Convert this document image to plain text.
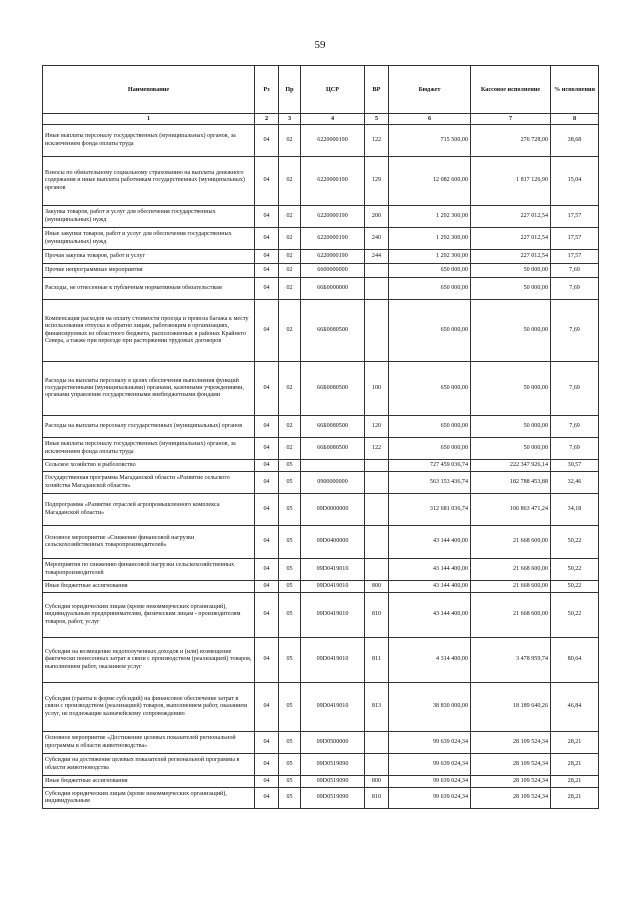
59
Наименование	Рз	Пр	ЦСР	ВР	Бюджет	Кассовое исполнение	% исполнения
1	2	3	4	5	6	7	8
Иные выплаты персоналу государственных (муниципальных) органов, за исключением фонда оплаты труда	04	02	6220000190	122	715 500,00	276 728,00	38,68
Взносы по обязательному социальному страхованию на выплаты денежного содержания и иные выплаты работникам государственных (муниципальных) органов	04	02	6220000190	129	12 082 600,00	1 817 126,90	15,04
Закупка товаров, работ и услуг для обеспечения государственных (муниципальных) нужд	04	02	6220000190	200	1 292 300,00	227 012,54	17,57
Иные закупки товаров, работ и услуг для обеспечения государственных (муниципальных) нужд	04	02	6220000190	240	1 292 300,00	227 012,54	17,57
Прочая закупка товаров, работ и услуг	04	02	6220000190	244	1 292 300,00	227 012,54	17,57
Прочие непрограммные мероприятия	04	02	6600000000		650 000,00	50 000,00	7,69
Расходы, не отнесенные к публичным нормативным обязательствам	04	02	66Б0000000		650 000,00	50 000,00	7,69
Компенсация расходов на оплату стоимости проезда и провоза багажа к месту использования отпуска и обратно лицам, работающим в организациях, финансируемых из областного бюджета, расположенных в районах Крайнего Севера, а также при переезде при расторжении трудовых договоров	04	02	66Б0080500		650 000,00	50 000,00	7,69
Расходы на выплаты персоналу в целях обеспечения выполнения функций государственными (муниципальными) органами, казенными учреждениями, органами управления государственными внебюджетными фондами	04	02	66Б0080500	100	650 000,00	50 000,00	7,69
Расходы на выплаты персоналу государственных (муниципальных) органов	04	02	66Б0080500	120	650 000,00	50 000,00	7,69
Иные выплаты персоналу государственных (муниципальных) органов, за исключением фонда оплаты труда	04	02	66Б0080500	122	650 000,00	50 000,00	7,69
Сельское хозяйство и рыболовство	04	05			727 459 036,74	222 347 926,14	30,57
Государственная программа Магаданской области «Развитие сельского хозяйства Магаданской области»	04	05	0900000000		563 153 436,74	182 788 453,88	32,46
Подпрограмма «Развитие отраслей агропромышленного комплекса Магаданской области»	04	05	09D0000000		312 681 036,74	106 863 471,24	34,18
Основное мероприятие «Снижение финансовой нагрузки сельскохозяйственных товаропроизводителей»	04	05	09D0400000		43 144 400,00	21 668 600,00	50,22
Мероприятия по снижению финансовой нагрузки сельскохозяйственных товаропроизводителей	04	05	09D0419010		43 144 400,00	21 668 600,00	50,22
Иные бюджетные ассигнования	04	05	09D0419010	800	43 144 400,00	21 668 600,00	50,22
Субсидии юридическим лицам (кроме некоммерческих организаций), индивидуальным предпринимателям, физическим лицам - производителям товаров, работ, услуг	04	05	09D0419010	810	43 144 400,00	21 668 600,00	50,22
Субсидии на возмещение недополученных доходов и (или) возмещение фактически понесенных затрат в связи с производством (реализацией) товаров, выполнением работ, оказанием услуг	04	05	09D0419010	811	4 314 400,00	3 478 959,74	80,64
Субсидии (гранты в форме субсидий) на финансовое обеспечение затрат в связи с производством (реализацией) товаров, выполнением работ, оказанием услуг, не подлежащие казначейскому сопровождению	04	05	09D0419010	813	38 830 000,00	18 189 640,26	46,84
Основное мероприятие «Достижение целевых показателей региональной программы в области животноводства»	04	05	09D0500000		99 639 024,34	28 109 524,34	28,21
Субсидии на достижение целевых показателей региональной программы в области животноводства	04	05	09D0519090		99 639 024,34	28 109 524,34	28,21
Иные бюджетные ассигнования	04	05	09D0519090	800	99 639 024,34	28 109 524,34	28,21
Субсидии юридическим лицам (кроме некоммерческих организаций), индивидуальным	04	05	09D0519090	810	99 639 024,34	28 109 524,34	28,21
